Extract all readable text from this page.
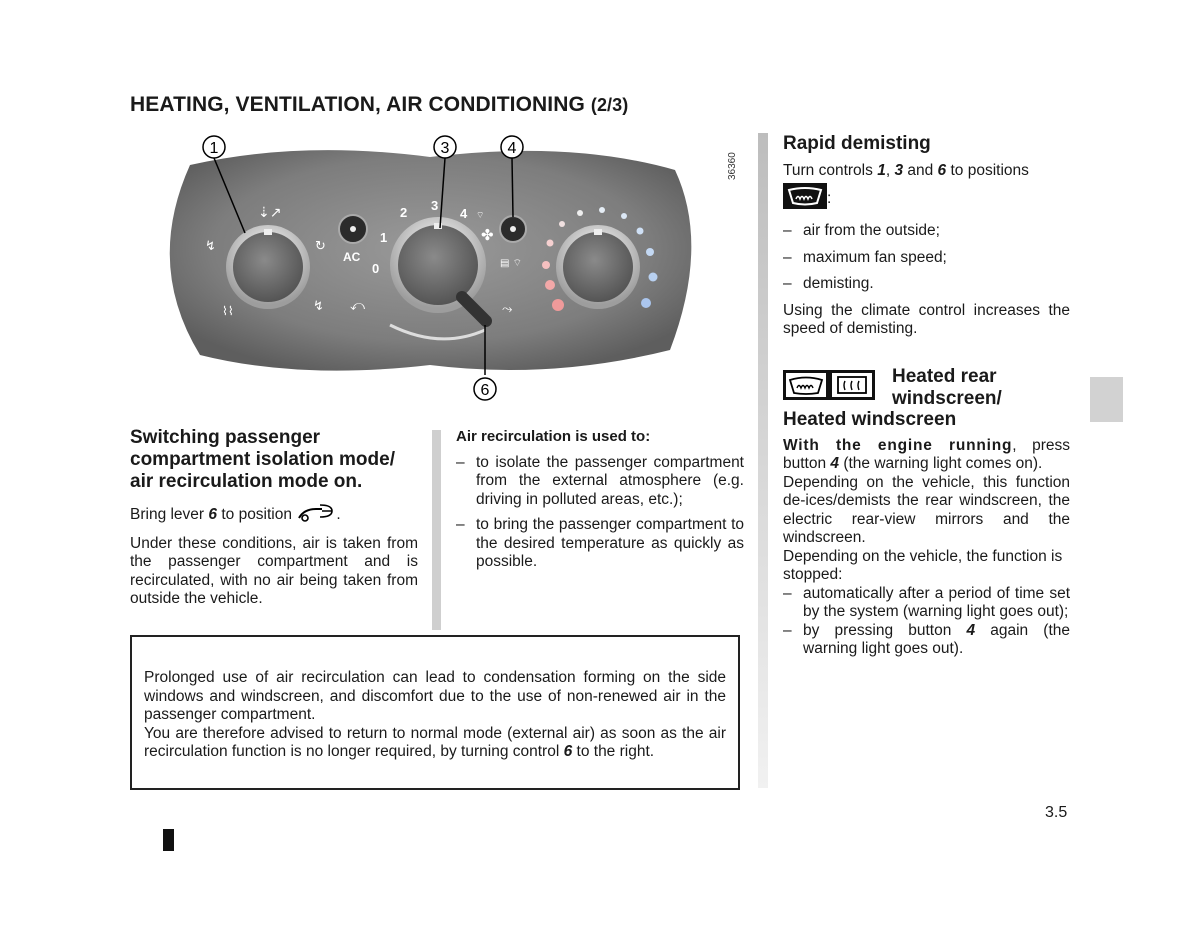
HEATING, VENTILATION, AIR CONDITIONING (2/3)
⇣↗
↯	↻
↯
⌇⌇
AC
0
1
2 3
4
✤
⤺	⤳
▤ ⌔
⌔
1	3	4
6
36360
Switching passenger compartment isolation mode/ air recirculation mode on.

Bring lever 6 to position	.

Under these conditions, air is taken from the passenger compartment and is recirculated, with no air being taken from outside the vehicle.

Air recirculation is used to:

– to isolate the passenger compartment from the external atmosphere (e.g. driving in polluted areas, etc.);
– to bring the passenger compartment to the desired temperature as quickly as possible.
Prolonged use of air recirculation can lead to condensation forming on the side windows and windscreen, and discomfort due to the use of non-renewed air in the passenger compartment.
You are therefore advised to return to normal mode (external air) as soon as the air recirculation function is no longer required, by turning control 6 to the right.
Rapid demisting

Turn controls 1, 3 and 6 to positions

:

– air from the outside;
– maximum fan speed;
– demisting.

Using the climate control increases the speed of demisting.

Heated rear windscreen/
Heated windscreen

With the engine running, press button 4 (the warning light comes on).

Depending on the vehicle, this function de-ices/demists the rear windscreen, the electric rear-view mirrors and the windscreen.

Depending on the vehicle, the function is stopped:

– automatically after a period of time set by the system (warning light goes out);
– by pressing button 4 again (the warning light goes out).
3.5
